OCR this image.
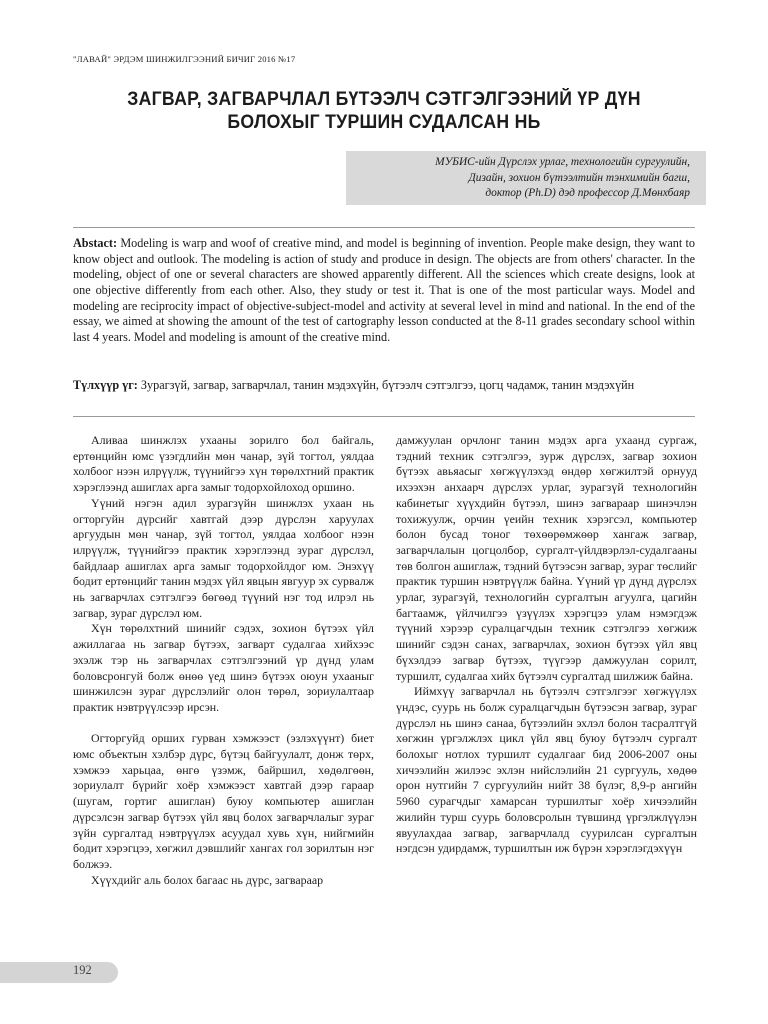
"ЛАВАЙ" ЭРДЭМ ШИНЖИЛГЭЭНИЙ БИЧИГ 2016 №17
ЗАГВАР, ЗАГВАРЧЛАЛ БҮТЭЭЛЧ СЭТГЭЛГЭЭНИЙ ҮР ДҮН
БОЛОХЫГ ТУРШИН СУДАЛСАН НЬ
МУБИС-ийн Дүрслэх урлаг, технологийн сургуулийн,
Дизайн, зохион бүтээлтийн тэнхимийн багш,
доктор (Ph.D) дэд профессор Д.Мөнхбаяр
Abstact: Modeling is warp and woof of creative mind, and model is beginning of invention. People make design, they want to know object and outlook. The modeling is action of study and produce in design. The objects are from others' character. In the modeling, object of one or several characters are showed apparently different. All the sciences which create designs, look at one objective differently from each other. Also, they study or test it. That is one of the most particular ways. Model and modeling are reciprocity impact of objective-subject-model and activity at several level in mind and national. In the end of the essay, we aimed at showing the amount of the test of cartography lesson conducted at the 8-11 grades secondary school within last 4 years. Model and modeling is amount of the creative mind.
Түлхүүр үг: Зурагзүй, загвар, загварчлал, танин мэдэхүйн, бүтээлч сэтгэлгээ, цогц чадамж, танин мэдэхүйн

Аливаа шинжлэх ухааны зорилго бол байгаль, ертөнцийн юмс үзэгдлийн мөн чанар, зүй тогтол, уялдаа холбоог нээн илрүүлж, түүнийгээ хүн төрөлхтний практик хэрэглээнд ашиглах арга замыг тодорхойлоход оршино.

Үүний нэгэн адил зурагзүйн шинжлэх ухаан нь огторгуйн дүрсийг хавтгай дээр дүрслэн харуулах аргуудын мөн чанар, зүй тогтол, уялдаа холбоог нээн илрүүлж, түүнийгээ практик хэрэглээнд зураг дүрслэл, байдлаар ашиглах арга замыг тодорхойлдог юм. Энэхүү бодит ертөнцийг танин мэдэх үйл явцын явгуур эх сурвалж нь загварчлах сэтгэлгээ бөгөөд түүний нэг тод илрэл нь загвар, зураг дүрслэл юм.

Хүн төрөлхтний шинийг сэдэх, зохион бүтээх үйл ажиллагаа нь загвар бүтээх, загварт судалгаа хийхээс эхэлж тэр нь загварчлах сэтгэлгээний үр дүнд улам боловсронгуй болж өнөө үед шинэ бүтээх оюун ухааныг шинжилсэн зураг дүрслэлийг олон төрөл, зориулалтаар практик нэвтрүүлсээр ирсэн.

Огторгуйд орших гурван хэмжээст (эзлэхүүнт) биет юмс объектын хэлбэр дүрс, бүтэц байгуулалт, донж төрх, хэмжээ харьцаа, өнгө үзэмж, байршил, хөдөлгөөн, зориулалт бүрийг хоёр хэмжээст хавтгай дээр гараар (шугам, гортиг ашиглан) буюу компьютер ашиглан дүрсэлсэн загвар бүтээх үйл явц болох загварчлалыг зураг зүйн сургалтад нэвтрүүлэх асуудал хувь хүн, нийгмийн бодит хэрэгцээ, хөгжил дэвшлийг хангах гол зорилтын нэг болжээ.

Хүүхдийг аль болох багаас нь дүрс, загвараар

дамжуулан орчлонг танин мэдэх арга ухаанд сургаж, тэдний техник сэтгэлгээ, зурж дүрслэх, загвар зохион бүтээх авьяасыг хөгжүүлэхэд өндөр хөгжилтэй орнууд ихээхэн анхаарч дүрслэх урлаг, зурагзүй технологийн кабинетыг хүүхдийн бүтээл, шинэ загвараар шинэчлэн тохижуулж, орчин үеийн техник хэрэгсэл, компьютер болон бусад тоног төхөөрөмжөөр хангаж загвар, загварчлалын цогцолбор, сургалт-үйлдвэрлэл-судалгааны төв болгон ашиглаж, тэдний бүтээсэн загвар, зураг төслийг практик туршин нэвтрүүлж байна. Үүний үр дүнд дүрслэх урлаг, зурагзүй, технологийн сургалтын агуулга, цагийн багтаамж, үйлчилгээ үзүүлэх хэрэгцээ улам нэмэгдэж түүний хэрээр суралцагчдын техник сэтгэлгээ хөгжиж шинийг сэдэн санах, загварчлах, зохион бүтээх үйл явц бүхэлдээ загвар бүтээх, түүгээр дамжуулан сорилт, туршилт, судалгаа хийх бүтээлч сургалтад шилжиж байна.

Иймхүү загварчлал нь бүтээлч сэтгэлгээг хөгжүүлэх үндэс, суурь нь болж суралцагчдын бүтээсэн загвар, зураг дүрслэл нь шинэ санаа, бүтээлийн эхлэл болон тасралтгүй хөгжин үргэлжлэх цикл үйл явц буюу бүтээлч сургалт болохыг нотлох туршилт судалгааг бид 2006-2007 оны хичээлийн жилээс эхлэн нийслэлийн 21 сургууль, хөдөө орон нутгийн 7 сургуулийн нийт 38 бүлэг, 8,9-р ангийн 5960 сурагчдыг хамарсан туршилтыг хоёр хичээлийн жилийн турш суурь боловсролын түвшинд үргэлжлүүлэн явуулахдаа загвар, загварчлалд суурилсан сургалтын нэгдсэн удирдамж, туршилтын иж бүрэн хэрэглэгдэхүүн

192
